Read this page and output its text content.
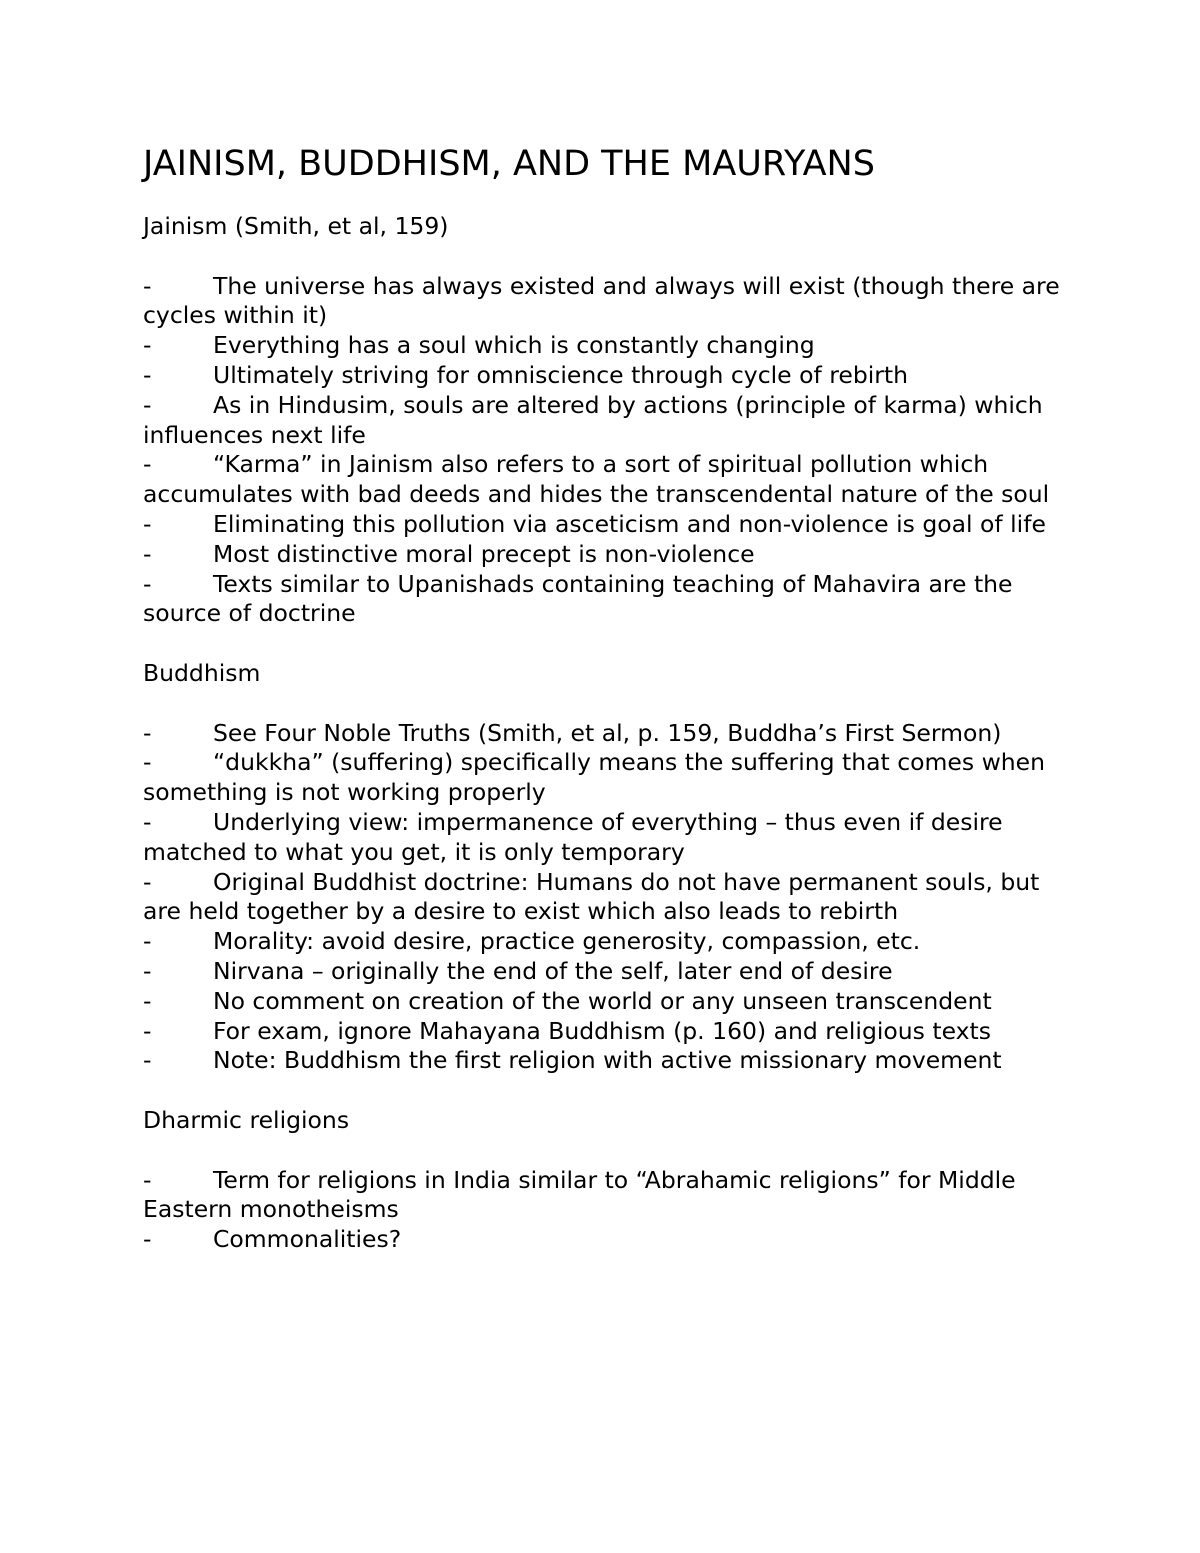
JAINISM, BUDDHISM, AND THE MAURYANS
Jainism (Smith, et al, 159)
-	The universe has always existed and always will exist (though there are cycles within it)
-	Everything has a soul which is constantly changing
-	Ultimately striving for omniscience through cycle of rebirth
-	As in Hindusim, souls are altered by actions (principle of karma) which influences next life
-	“Karma” in Jainism also refers to a sort of spiritual pollution which accumulates with bad deeds and hides the transcendental nature of the soul
-	Eliminating this pollution via asceticism and non-violence is goal of life
-	Most distinctive moral precept is non-violence
-	Texts similar to Upanishads containing teaching of Mahavira are the source of doctrine
Buddhism
-	See Four Noble Truths (Smith, et al, p. 159, Buddha’s First Sermon)
-	“dukkha” (suffering) specifically means the suffering that comes when something is not working properly
-	Underlying view: impermanence of everything – thus even if desire matched to what you get, it is only temporary
-	Original Buddhist doctrine: Humans do not have permanent souls, but are held together by a desire to exist which also leads to rebirth
-	Morality: avoid desire, practice generosity, compassion, etc.
-	Nirvana – originally the end of the self, later end of desire
-	No comment on creation of the world or any unseen transcendent
-	For exam, ignore Mahayana Buddhism (p. 160) and religious texts
-	Note: Buddhism the first religion with active missionary movement
Dharmic religions
-	Term for religions in India similar to “Abrahamic religions” for Middle Eastern monotheisms
-	Commonalities?
